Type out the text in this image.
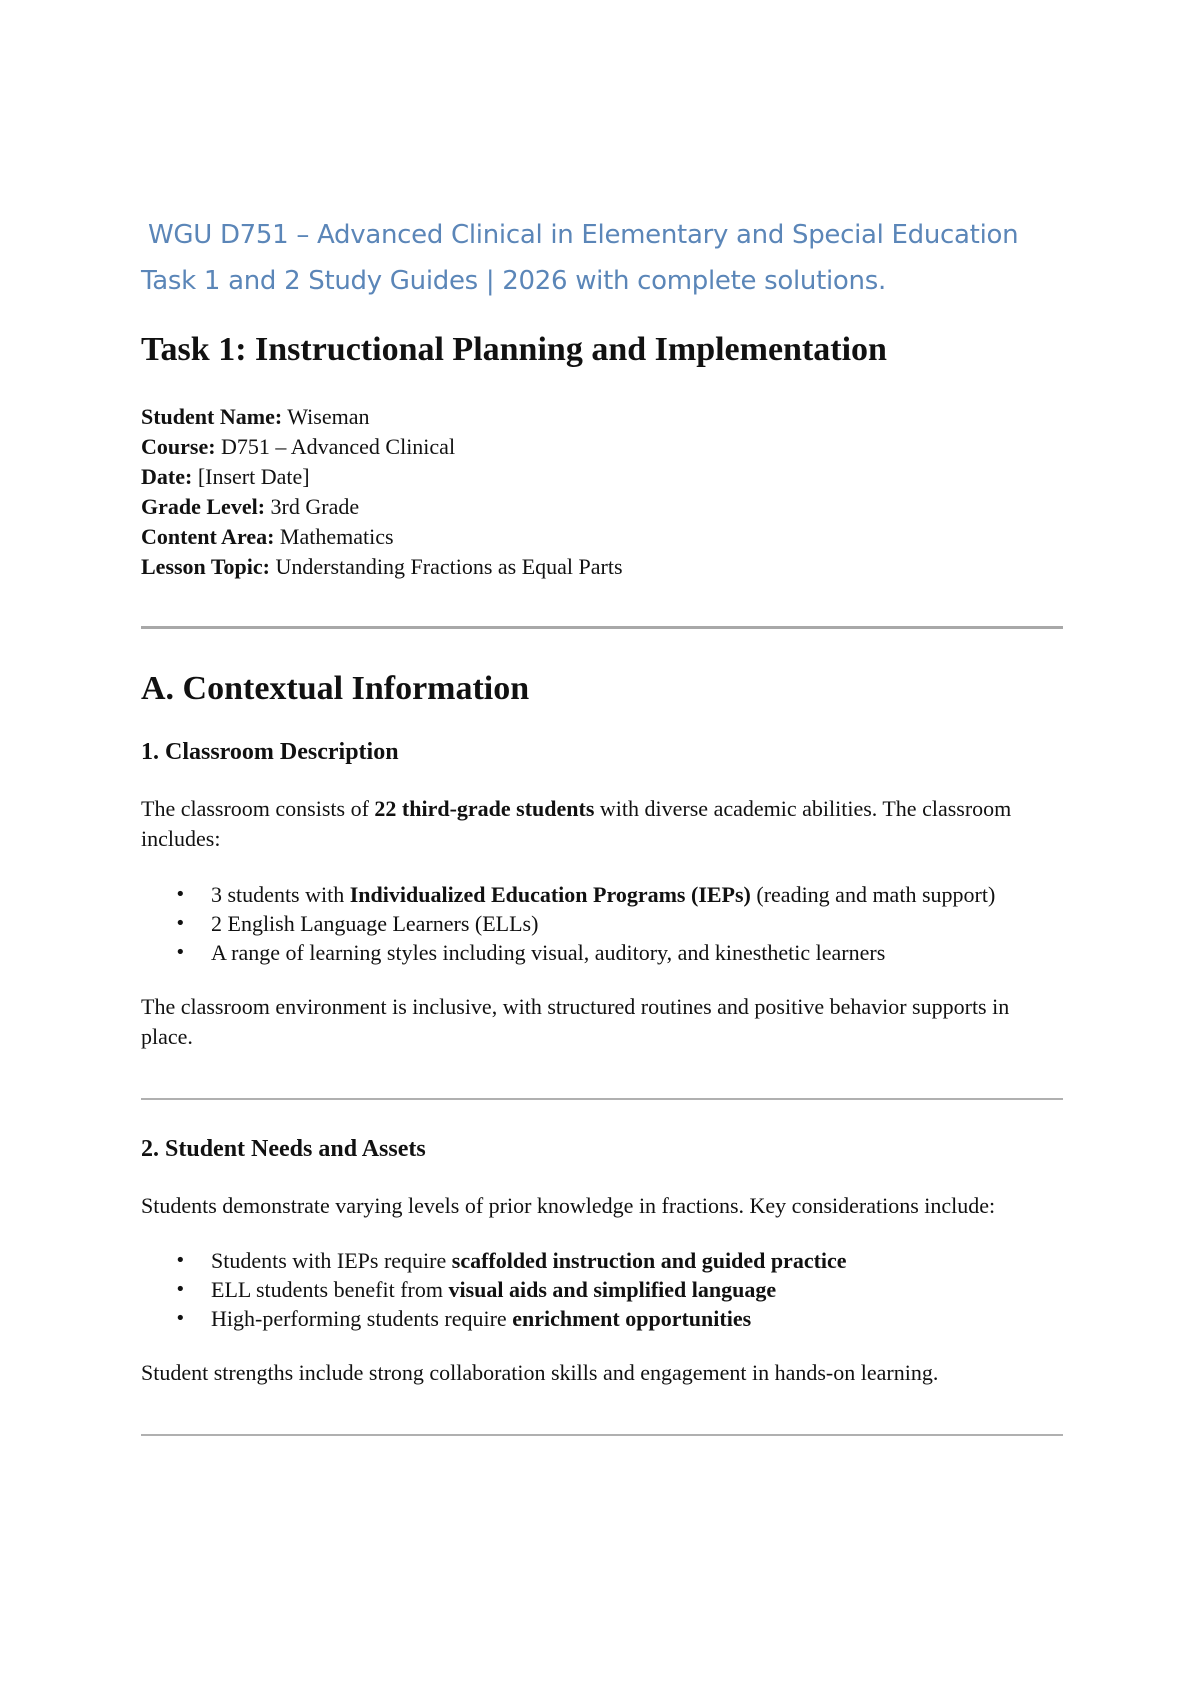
WGU D751 – Advanced Clinical in Elementary and Special Education
Task 1 and 2 Study Guides | 2026 with complete solutions.
Task 1: Instructional Planning and Implementation
Student Name: Wiseman
Course: D751 – Advanced Clinical
Date: [Insert Date]
Grade Level: 3rd Grade
Content Area: Mathematics
Lesson Topic: Understanding Fractions as Equal Parts
A. Contextual Information
1. Classroom Description

The classroom consists of 22 third-grade students with diverse academic abilities. The classroom includes:

• 3 students with Individualized Education Programs (IEPs) (reading and math support)
• 2 English Language Learners (ELLs)
• A range of learning styles including visual, auditory, and kinesthetic learners

The classroom environment is inclusive, with structured routines and positive behavior supports in place.

2. Student Needs and Assets

Students demonstrate varying levels of prior knowledge in fractions. Key considerations include:

• Students with IEPs require scaffolded instruction and guided practice
• ELL students benefit from visual aids and simplified language
• High-performing students require enrichment opportunities

Student strengths include strong collaboration skills and engagement in hands-on learning.
